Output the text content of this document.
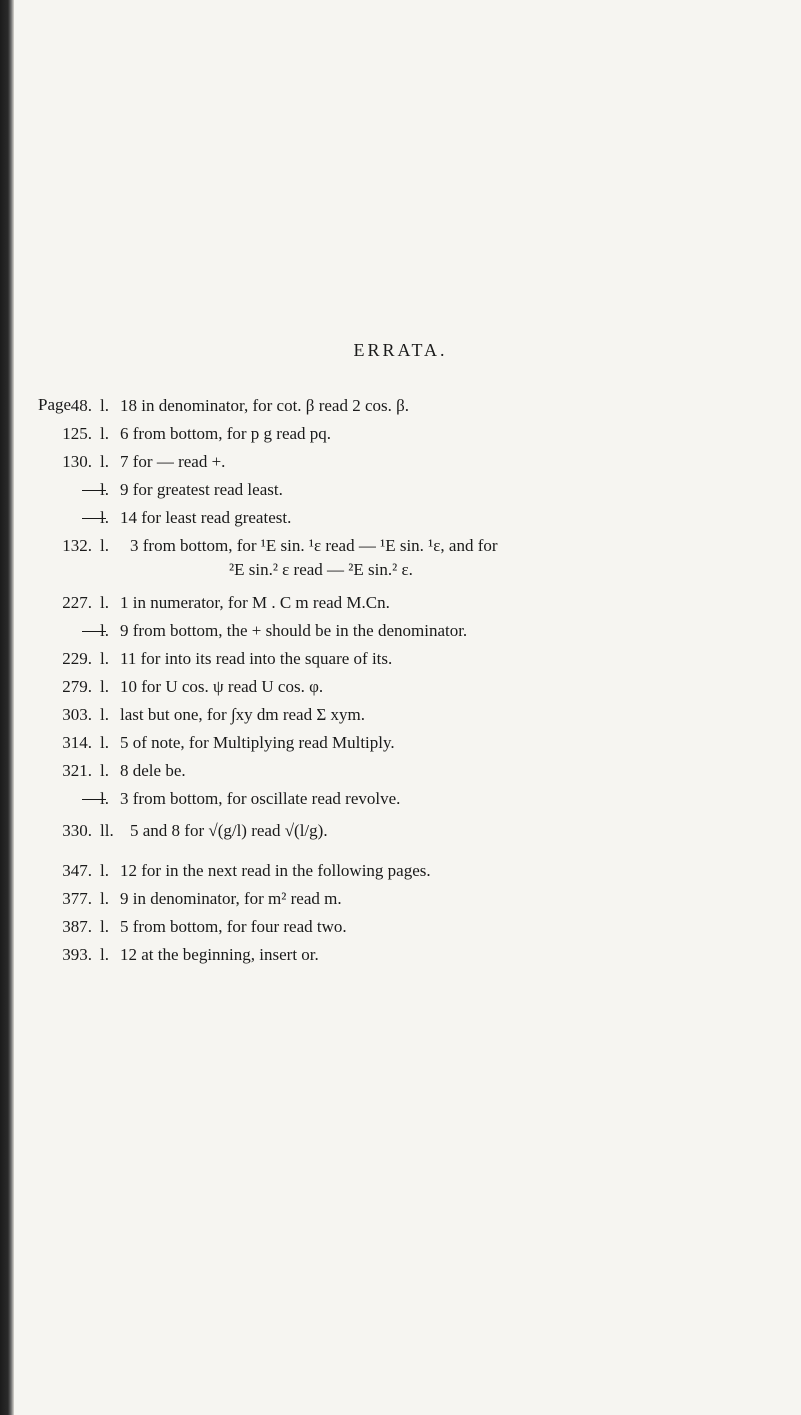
ERRATA.
Page 48. l. 18 in denominator, for cot. β read 2 cos. β.
125. l. 6 from bottom, for p g read pq.
130. l. 7 for — read +.
l. 9 for greatest read least.
l. 14 for least read greatest.
132. l. 3 from bottom, for ¹E sin. ¹ε read — ¹E sin. ¹ε, and for
²E sin.² ε read — ²E sin.² ε.
227. l. 1 in numerator, for M . C m read M.Cn.
l. 9 from bottom, the + should be in the denominator.
229. l. 11 for into its read into the square of its.
279. l. 10 for U cos. ψ read U cos. φ.
303. l. last but one, for ∫xy dm read Σ xym.
314. l. 5 of note, for Multiplying read Multiply.
321. l. 8 dele be.
l. 3 from bottom, for oscillate read revolve.
330. ll. 5 and 8 for √(g/l) read √(l/g).
347. l. 12 for in the next read in the following pages.
377. l. 9 in denominator, for m² read m.
387. l. 5 from bottom, for four read two.
393. l. 12 at the beginning, insert or.
